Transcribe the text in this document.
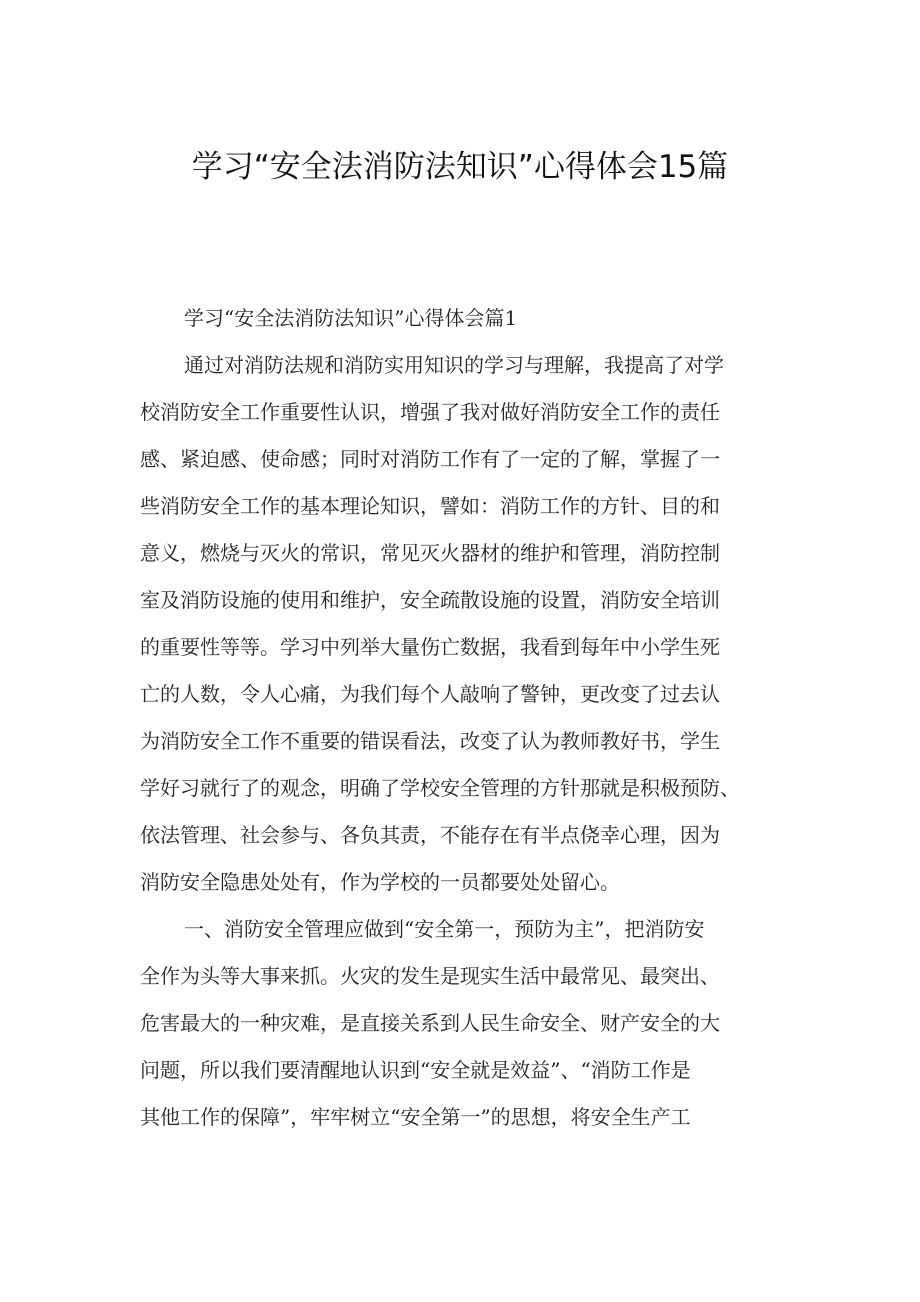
学习“安全法消防法知识”心得体会15篇

学习“安全法消防法知识”心得体会篇1

通过对消防法规和消防实用知识的学习与理解，我提高了对学

校消防安全工作重要性认识，增强了我对做好消防安全工作的责任

感、紧迫感、使命感；同时对消防工作有了一定的了解，掌握了一

些消防安全工作的基本理论知识，譬如：消防工作的方针、目的和

意义，燃烧与灭火的常识，常见灭火器材的维护和管理，消防控制

室及消防设施的使用和维护，安全疏散设施的设置，消防安全培训

的重要性等等。学习中列举大量伤亡数据，我看到每年中小学生死

亡的人数，令人心痛，为我们每个人敲响了警钟，更改变了过去认

为消防安全工作不重要的错误看法，改变了认为教师教好书，学生

学好习就行了的观念，明确了学校安全管理的方针那就是积极预防、

依法管理、社会参与、各负其责，不能存在有半点侥幸心理，因为

消防安全隐患处处有，作为学校的一员都要处处留心。

一、消防安全管理应做到“安全第一，预防为主”，把消防安

全作为头等大事来抓。火灾的发生是现实生活中最常见、最突出、

危害最大的一种灾难，是直接关系到人民生命安全、财产安全的大

问题，所以我们要清醒地认识到“安全就是效益”、“消防工作是

其他工作的保障”，牢牢树立“安全第一”的思想，将安全生产工
